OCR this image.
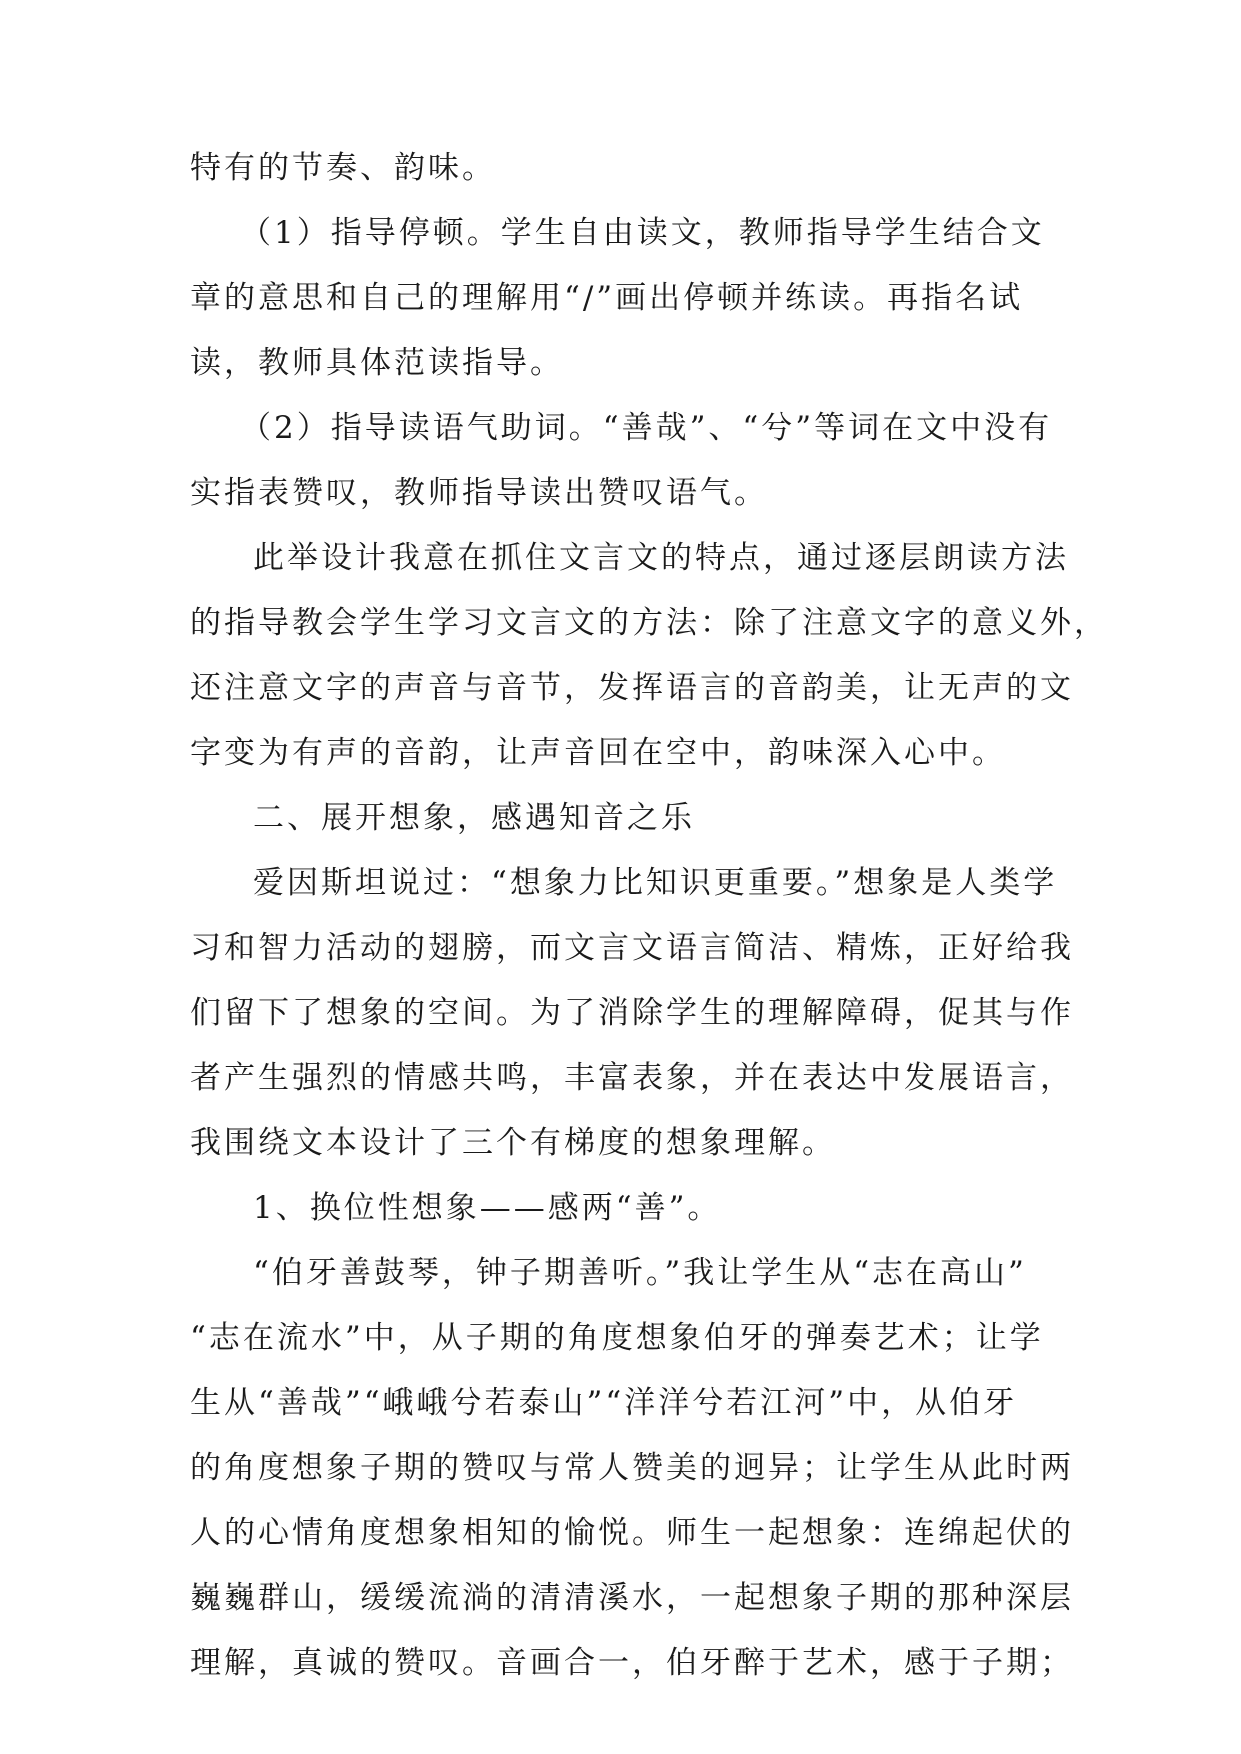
特有的节奏、韵味。
（1）指导停顿。学生自由读文，教师指导学生结合文
章的意思和自己的理解用“/”画出停顿并练读。再指名试
读，教师具体范读指导。
（2）指导读语气助词。“善哉”、“兮”等词在文中没有
实指表赞叹，教师指导读出赞叹语气。
此举设计我意在抓住文言文的特点，通过逐层朗读方法
的指导教会学生学习文言文的方法：除了注意文字的意义外，
还注意文字的声音与音节，发挥语言的音韵美，让无声的文
字变为有声的音韵，让声音回在空中，韵味深入心中。
二、展开想象，感遇知音之乐
爱因斯坦说过：“想象力比知识更重要。”想象是人类学
习和智力活动的翅膀，而文言文语言简洁、精炼，正好给我
们留下了想象的空间。为了消除学生的理解障碍，促其与作
者产生强烈的情感共鸣，丰富表象，并在表达中发展语言，
我围绕文本设计了三个有梯度的想象理解。
1、换位性想象——感两“善”。
“伯牙善鼓琴，钟子期善听。”我让学生从“志在高山”
“志在流水”中，从子期的角度想象伯牙的弹奏艺术；让学
生从“善哉”“峨峨兮若泰山”“洋洋兮若江河”中，从伯牙
的角度想象子期的赞叹与常人赞美的迥异；让学生从此时两
人的心情角度想象相知的愉悦。师生一起想象：连绵起伏的
巍巍群山，缓缓流淌的清清溪水，一起想象子期的那种深层
理解，真诚的赞叹。音画合一，伯牙醉于艺术，感于子期；
